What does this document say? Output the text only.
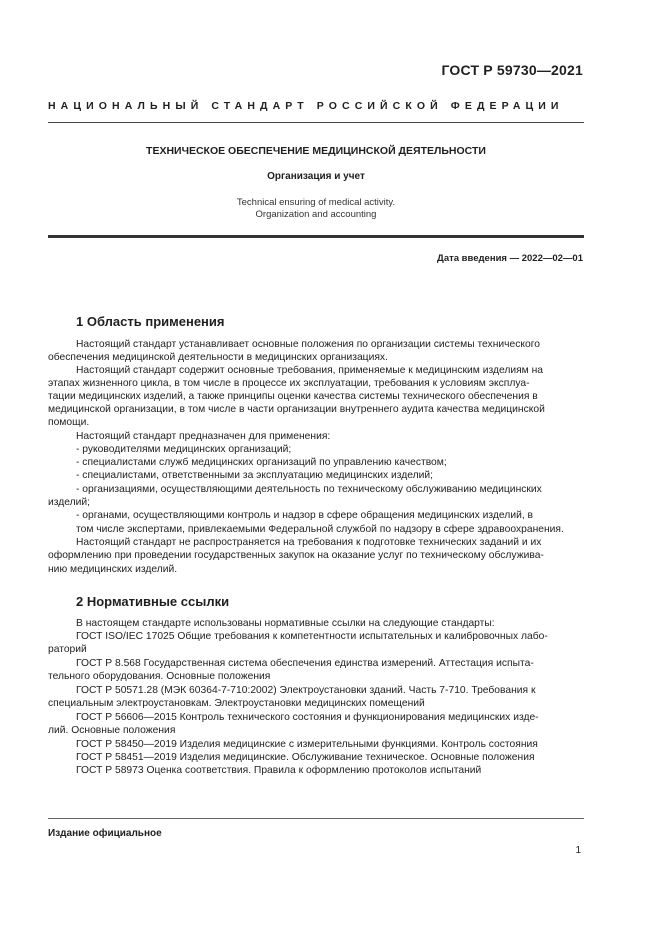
ГОСТ Р 59730—2021
НАЦИОНАЛЬНЫЙ СТАНДАРТ РОССИЙСКОЙ ФЕДЕРАЦИИ
ТЕХНИЧЕСКОЕ ОБЕСПЕЧЕНИЕ МЕДИЦИНСКОЙ ДЕЯТЕЛЬНОСТИ
Организация и учет
Technical ensuring of medical activity.
Organization and accounting
Дата введения — 2022—02—01
1 Область применения
Настоящий стандарт устанавливает основные положения по организации системы технического
обеспечения медицинской деятельности в медицинских организациях.
Настоящий стандарт содержит основные требования, применяемые к медицинским изделиям на
этапах жизненного цикла, в том числе в процессе их эксплуатации, требования к условиям эксплуа-
тации медицинских изделий, а также принципы оценки качества системы технического обеспечения в
медицинской организации, в том числе в части организации внутреннего аудита качества медицинской
помощи.
Настоящий стандарт предназначен для применения:
- руководителями медицинских организаций;
- специалистами служб медицинских организаций по управлению качеством;
- специалистами, ответственными за эксплуатацию медицинских изделий;
- организациями, осуществляющими деятельность по техническому обслуживанию медицинских
изделий;
- органами, осуществляющими контроль и надзор в сфере обращения медицинских изделий, в
том числе экспертами, привлекаемыми Федеральной службой по надзору в сфере здравоохранения.
Настоящий стандарт не распространяется на требования к подготовке технических заданий и их
оформлению при проведении государственных закупок на оказание услуг по техническому обслужива-
нию медицинских изделий.
2 Нормативные ссылки
В настоящем стандарте использованы нормативные ссылки на следующие стандарты:
ГОСТ ISO/IEC 17025 Общие требования к компетентности испытательных и калибровочных лабо-
раторий
ГОСТ Р 8.568 Государственная система обеспечения единства измерений. Аттестация испыта-
тельного оборудования. Основные положения
ГОСТ Р 50571.28 (МЭК 60364-7-710:2002) Электроустановки зданий. Часть 7-710. Требования к
специальным электроустановкам. Электроустановки медицинских помещений
ГОСТ Р 56606—2015 Контроль технического состояния и функционирования медицинских изде-
лий. Основные положения
ГОСТ Р 58450—2019 Изделия медицинские с измерительными функциями. Контроль состояния
ГОСТ Р 58451—2019 Изделия медицинские. Обслуживание техническое. Основные положения
ГОСТ Р 58973 Оценка соответствия. Правила к оформлению протоколов испытаний
Издание официальное
1
